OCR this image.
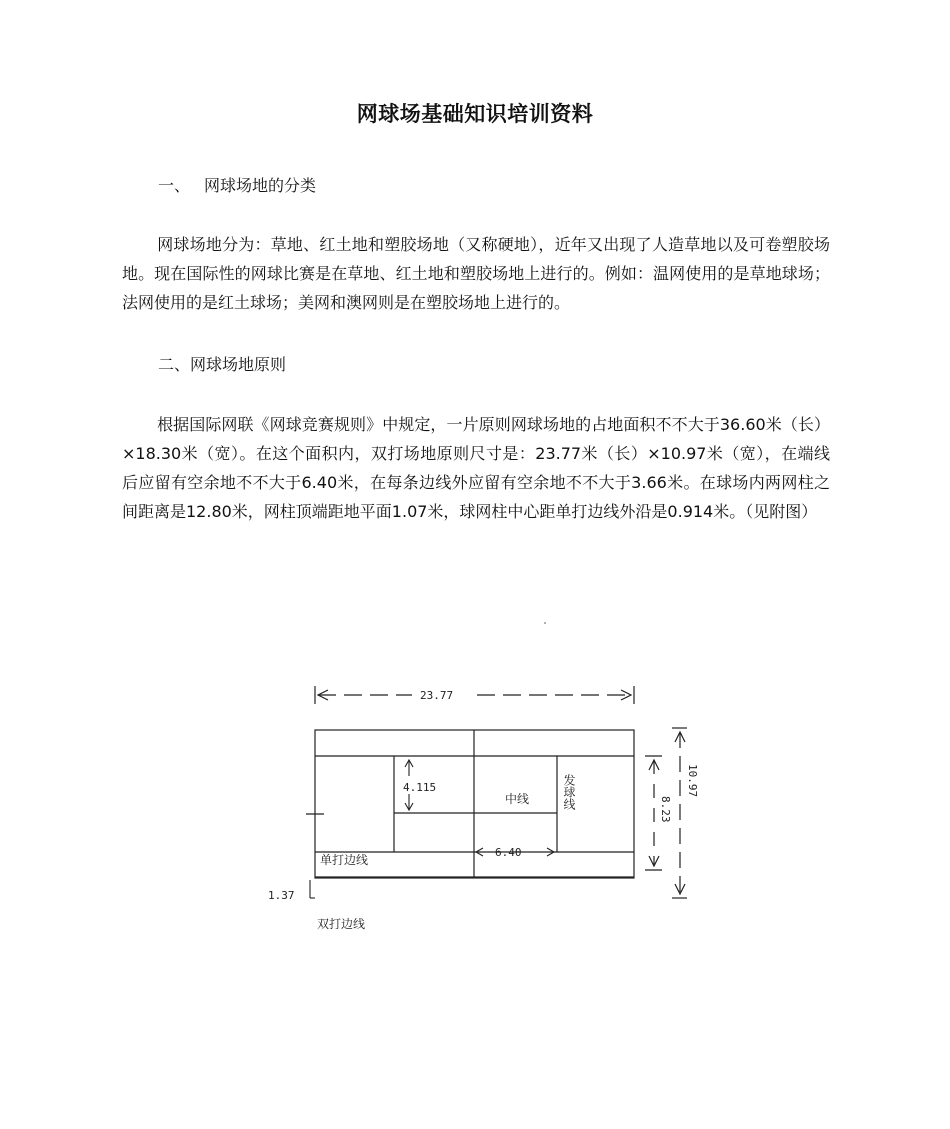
网球场基础知识培训资料
一、 网球场地的分类
网球场地分为：草地、红土地和塑胶场地（又称硬地），近年又出现了人造草地以及可卷塑胶场地。现在国际性的网球比赛是在草地、红土地和塑胶场地上进行的。例如：温网使用的是草地球场；法网使用的是红土球场；美网和澳网则是在塑胶场地上进行的。
二、网球场地原则
根据国际网联《网球竞赛规则》中规定，一片原则网球场地的占地面积不不大于36.60米（长）×18.30米（宽）。在这个面积内，双打场地原则尺寸是：23.77米（长）×10.97米（宽），在端线后应留有空余地不不大于6.40米，在每条边线外应留有空余地不不大于3.66米。在球场内两网柱之间距离是12.80米，网柱顶端距地平面1.07米，球网柱中心距单打边线外沿是0.914米。（见附图）
23.77
10.97
8.23
4.115
6.40
1.37
中线	发球线
单打边线
双打边线
